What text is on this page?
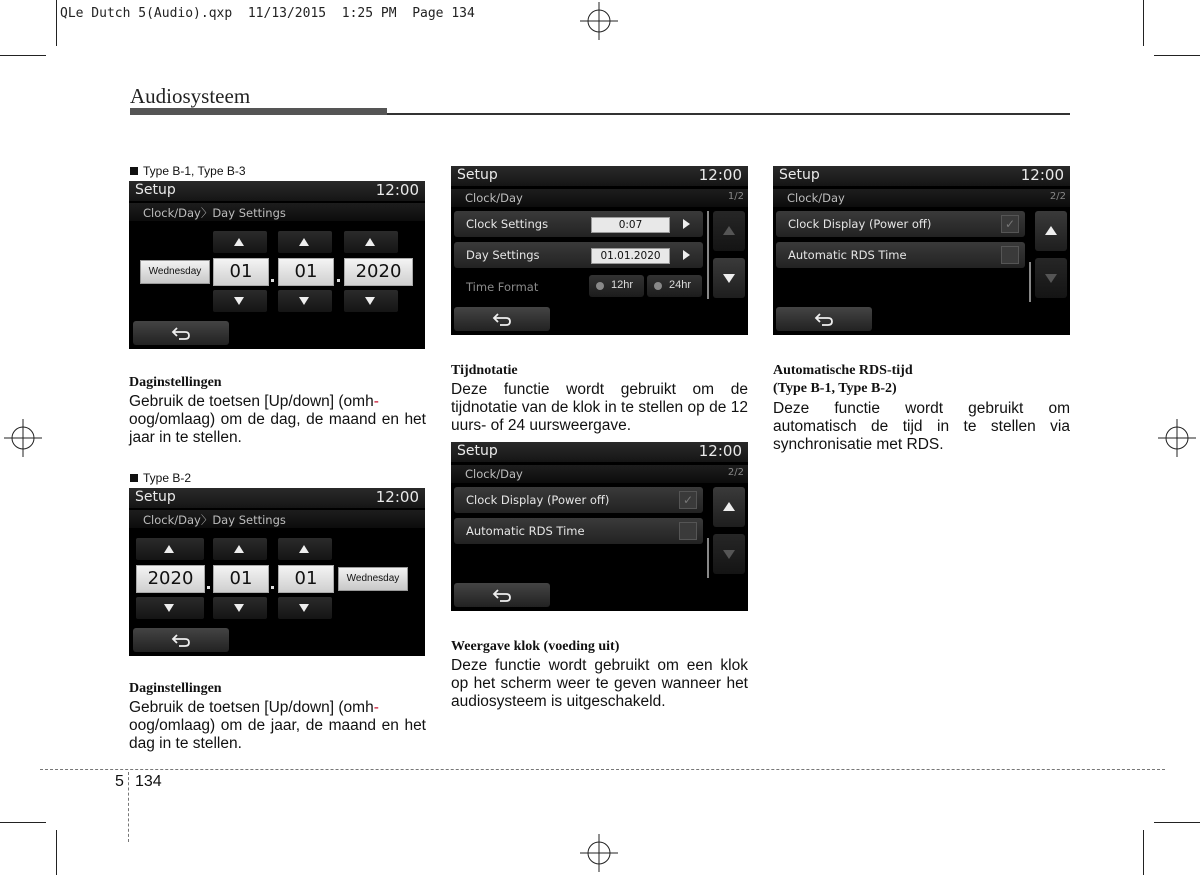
QLe Dutch 5(Audio).qxp  11/13/2015  1:25 PM  Page 134
Audiosysteem
Type B-1, Type B-3
Setup	12:00
Clock/Day〉Day Settings
Wednesday	01	01	2020
Daginstellingen
Gebruik de toetsen [Up/down] (omh-
oog/omlaag) om de dag, de maand en het jaar in te stellen.
Type B-2
Setup	12:00
Clock/Day〉Day Settings
2020	01	01	Wednesday
Daginstellingen
Gebruik de toetsen [Up/down] (omh-
oog/omlaag) om de jaar, de maand en het dag in te stellen.
Setup	12:00
Clock/Day	1/2
Clock Settings	0:07
Day Settings	01.01.2020
Time Format	12hr	24hr
Tijdnotatie
Deze functie wordt gebruikt om de tijdnotatie van de klok in te stellen op de 12 uurs- of 24 uursweergave.
Setup	12:00
Clock/Day	2/2
Clock Display (Power off)	✓
Automatic RDS Time
Weergave klok (voeding uit)
Deze functie wordt gebruikt om een klok op het scherm weer te geven wanneer het audiosysteem is uitgeschakeld.
Setup	12:00
Clock/Day	2/2
Clock Display (Power off)	✓
Automatic RDS Time
Automatische RDS-tijd
(Type B-1, Type B-2)
Deze functie wordt gebruikt om automatisch de tijd in te stellen via synchronisatie met RDS.
5 134
